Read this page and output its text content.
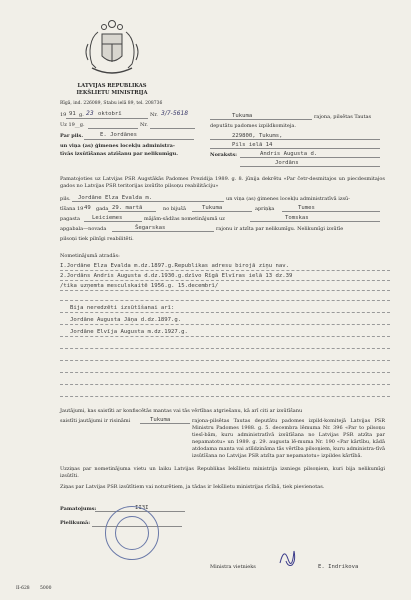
LATVIJAS REPUBLIKAS
IEKŠLIETU MINISTRIJA
Rīgā, ind. 226089, Stabu ielā 89, tel. 208736
19 91 g. 23 oktobrī	Nr. 3/7-5618
Uz 19__g.	Nr.
Par pils.	E. Jordānes
un viņa (as) ģimenes locekļu administra-
tīvās izsūtīšanas atzīšanu par nelikumīgu.
Tukuma	rajona, pilsētas Tautas
deputātu padomes izpildkomiteja.
229800, Tukums,
Pils ielā 14
Noraksts:	Andris Augusta d.
Jordāns
Pamatojoties uz Latvijas PSR Augstākās Padomes Prezidija 1989. g. 8. jūnija dekrētu «Par četr-desmitajos un piecdesmitajos gados no Latvijas PSR teritorijas izsūtīto pilsoņu reabilitāciju»
pils. Jordāne Elza Evalda m.	un viņa (as) ģimenes locekļu administratīvā izsū-
tīšana 19 49 gada 29. martā	no bijušā	Tukuma	apriņķa	Tumes
pagasta Leiciemes	mājām-sādžas nometinājumā uz	Tomskas
apgabala—novada	Šegarskas	rajonu ir atzīta par nelikumīgu. Nelikumīgi izsūtīe
pilsoņi tiek pilnīgi reabilitēti.
Nometinājumā atradās:
I.Jordāne Elza Evalda m.dz.1897.g.Republikas adresu birojā ziņu nav.
2.Jordāns Andris Augusta d.dz.1930.g.dzīvo Rīgā Elvīras ielā 13 dz.39
/tika uzņemta mesculskaitē 1956.g. 15.decembrī/
Bija neredzēti izsūtīšanai arī:
Jordāne Augusta Jāņa d.dz.1897.g.
Jordāne Elvīja Augusta m.dz.1927.g.
Jautājumi, kas saistīti ar konfiscētās mantas vai tās vērtības atgriešanu, kā arī citi ar izsūtīšanu
saistīti jautājumi ir risināmi	Tukuma	rajona-pilsētas Tautas deputātu padomes izpild-komitejā Latvijas PSR Ministru Padomes 1988. g. 5. decembra lēmuma Nr. 396 «Par to pilsoņu tiesī-bām, kuru administratīvā izsūtīšana no Latvijas PSR atzīta par nepamatotu» un 1989. g. 29. augusta lē-muma Nr. 190 «Par kārtību, kādā atdodama manta vai atlīdzināma tās vērtība pilsoņiem, kuru administra-tīvā izsūtīšana no Latvijas PSR atzīta par nepamatotu» izpildes kārtībā.
Uzziņas par nometinājuma vietu un laiku Latvijas Republikas Iekšlietu ministrija izsniegs pilsoņiem, kuri bija nelikumīgi izsūtīti.
Ziņas par Latvijas PSR izsūtītiem vai noturētiem, ja tādas ir Iekšlietu ministrijas rīcībā, tiek pievienotas.
Pamatojums:	II3I
Pielikumā:
Ministra vietnieks	E. Indrikova
II-628 5000
